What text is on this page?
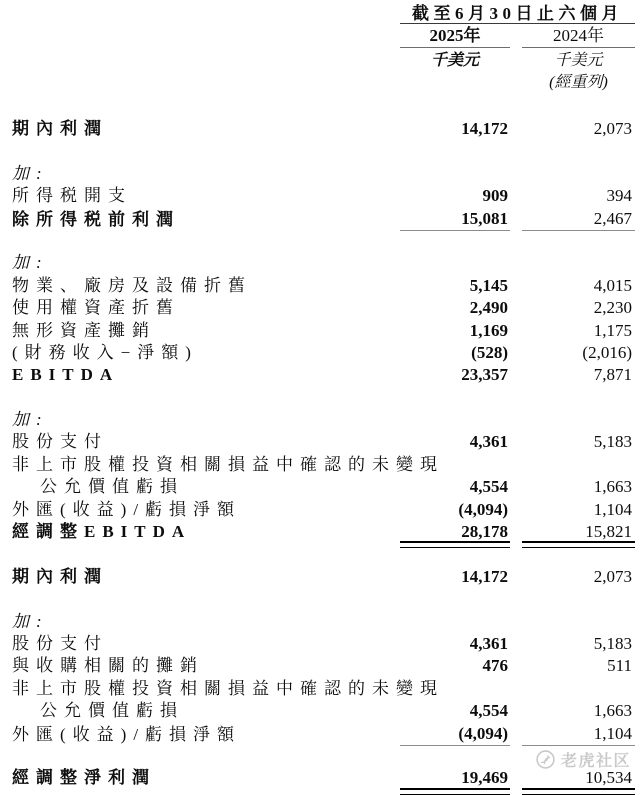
截至6月30日止六個月
2025年	2024年
千美元	千美元
(經重列)
期內利潤	14,172	2,073
加:
所得税開支	909	394
除所得税前利潤	15,081	2,467
加:
物業、廠房及設備折舊	5,145	4,015
使用權資產折舊	2,490	2,230
無形資產攤銷	1,169	1,175
(財務收入−淨額)	(528)	(2,016)
EBITDA	23,357	7,871
加:
股份支付	4,361	5,183
非上市股權投資相關損益中確認的未變現
公允價值虧損	4,554	1,663
外匯(收益)/虧損淨額	(4,094)	1,104
經調整EBITDA	28,178	15,821
期內利潤	14,172	2,073
加:
股份支付	4,361	5,183
與收購相關的攤銷	476	511
非上市股權投資相關損益中確認的未變現
公允價值虧損	4,554	1,663
外匯(收益)/虧損淨額	(4,094)	1,104
經調整淨利潤	19,469	10,534
老虎社区
